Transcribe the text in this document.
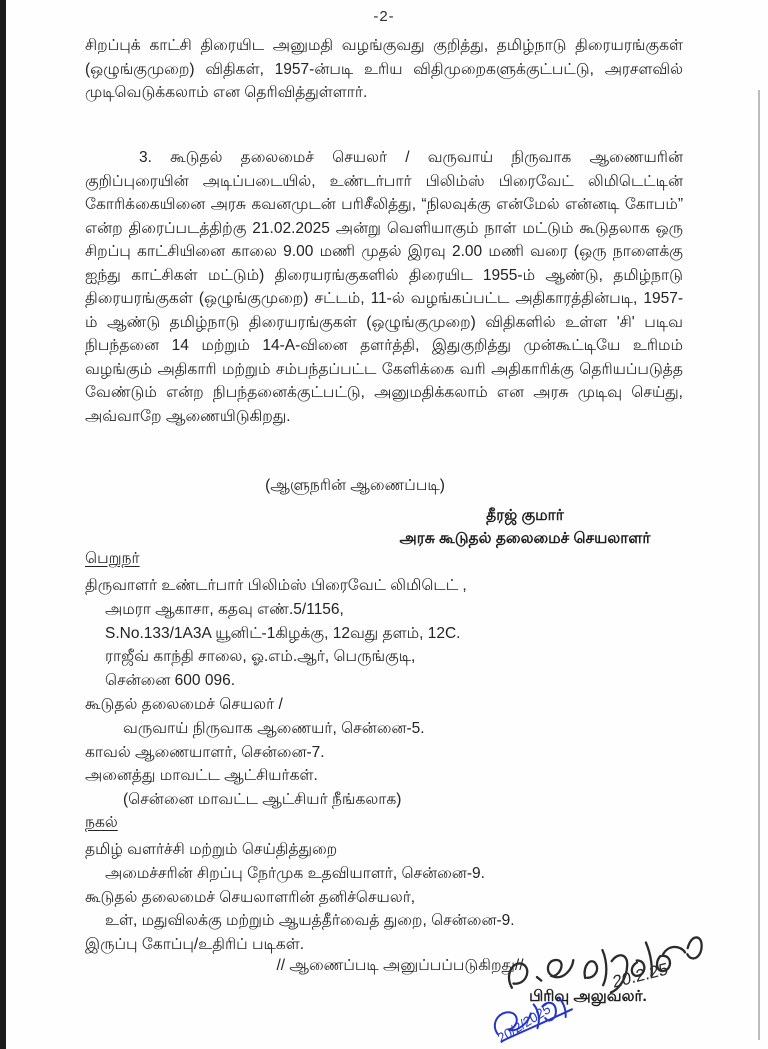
-2-

சிறப்புக் காட்சி திரையிட அனுமதி வழங்குவது குறித்து, தமிழ்நாடு திரையரங்குகள் (ஒழுங்குமுறை) விதிகள், 1957-ன்படி உரிய விதிமுறைகளுக்குட்பட்டு, அரசளவில் முடிவெடுக்கலாம் என தெரிவித்துள்ளார்.

3. கூடுதல் தலைமைச் செயலர் / வருவாய் நிருவாக ஆணையரின் குறிப்புரையின் அடிப்படையில், உண்டர்பார் பிலிம்ஸ் பிரைவேட் லிமிடெட்டின் கோரிக்கையினை அரசு கவனமுடன் பரிசீலித்து, “நிலவுக்கு என்மேல் என்னடி கோபம்” என்ற திரைப்படத்திற்கு 21.02.2025 அன்று வெளியாகும் நாள் மட்டும் கூடுதலாக ஒரு சிறப்பு காட்சியினை காலை 9.00 மணி முதல் இரவு 2.00 மணி வரை (ஒரு நாளைக்கு ஐந்து காட்சிகள் மட்டும்) திரையரங்குகளில் திரையிட 1955-ம் ஆண்டு, தமிழ்நாடு திரையரங்குகள் (ஒழுங்குமுறை) சட்டம், 11-ல் வழங்கப்பட்ட அதிகாரத்தின்படி, 1957-ம் ஆண்டு தமிழ்நாடு திரையரங்குகள் (ஒழுங்குமுறை) விதிகளில் உள்ள 'சி' படிவ நிபந்தனை 14 மற்றும் 14-A-வினை தளர்த்தி, இதுகுறித்து முன்கூட்டியே உரிமம் வழங்கும் அதிகாரி மற்றும் சம்பந்தப்பட்ட கேளிக்கை வரி அதிகாரிக்கு தெரியப்படுத்த வேண்டும் என்ற நிபந்தனைக்குட்பட்டு, அனுமதிக்கலாம் என அரசு முடிவு செய்து, அவ்வாறே ஆணையிடுகிறது.

(ஆளுநரின் ஆணைப்படி)
தீரஜ் குமார்
அரசு கூடுதல் தலைமைச் செயலாளர்
பெறுநர்
திருவாளர் உண்டர்பார் பிலிம்ஸ் பிரைவேட் லிமிடெட் ,
அமரா ஆகாசா, கதவு எண்.5/1156,
S.No.133/1A3A யூனிட்-1கிழக்கு, 12வது தளம், 12C.
ராஜீவ் காந்தி சாலை, ஓ.எம்.ஆர், பெருங்குடி,
சென்னை 600 096.
கூடுதல் தலைமைச் செயலர் /
வருவாய் நிருவாக ஆணையர், சென்னை-5.
காவல் ஆணையாளர், சென்னை-7.
அனைத்து மாவட்ட ஆட்சியர்கள்.
(சென்னை மாவட்ட ஆட்சியர் நீங்கலாக)
நகல்
தமிழ் வளர்ச்சி மற்றும் செய்தித்துறை
அமைச்சரின் சிறப்பு நேர்முக உதவியாளர், சென்னை-9.
கூடுதல் தலைமைச் செயலாளரின் தனிச்செயலர்,
உள், மதுவிலக்கு மற்றும் ஆயத்தீர்வைத் துறை, சென்னை-9.
இருப்பு கோப்பு/உதிரிப் படிகள்.
// ஆணைப்படி அனுப்பப்படுகிறது//	20.2.25
பிரிவு அலுவலர்.
20/2/2025
